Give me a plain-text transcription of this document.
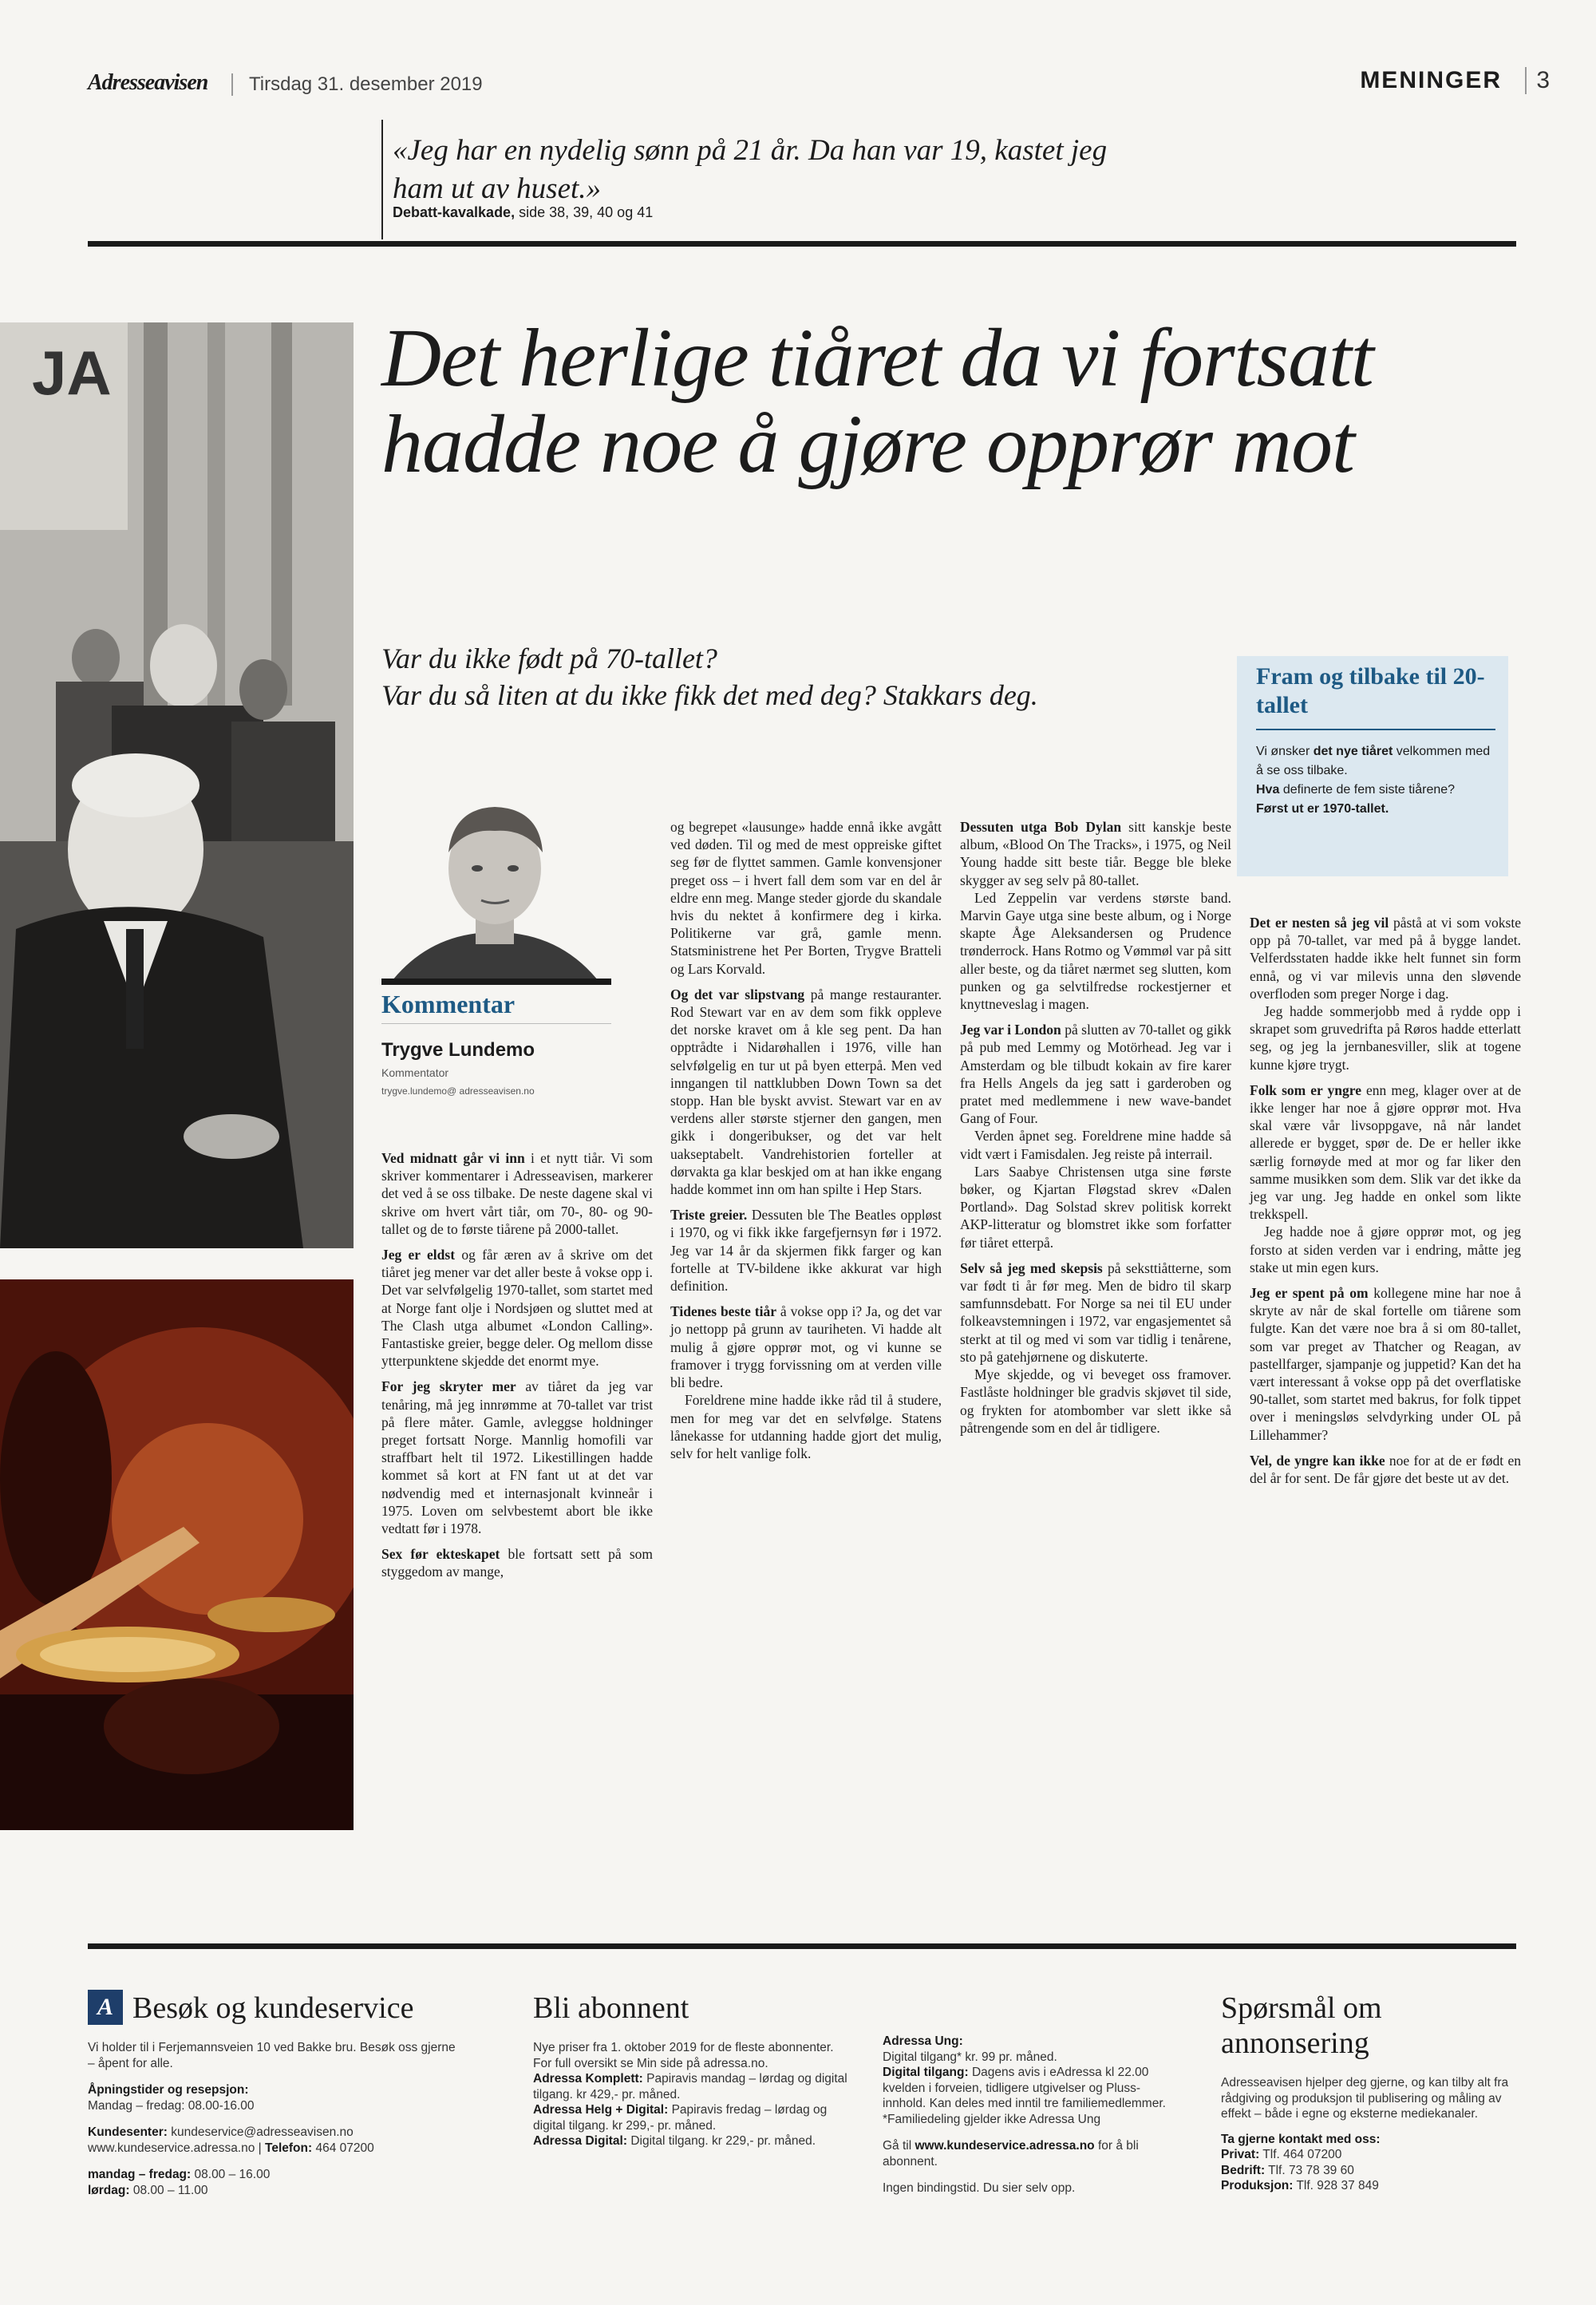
Adresseavisen	Tirsdag 31. desember 2019	MENINGER	3
«Jeg har en nydelig sønn på 21 år. Da han var 19, kastet jeg ham ut av huset.»
Debatt-kavalkade, side 38, 39, 40 og 41
JA	Det herlige tiåret da vi fortsatt hadde noe å gjøre opprør mot
Var du ikke født på 70-tallet?
Var du så liten at du ikke fikk det med deg? Stakkars deg.
Fram og tilbake til 20-tallet
Vi ønsker det nye tiåret velkommen med å se oss tilbake.
Hva definerte de fem siste tiårene?
Først ut er 1970-tallet.
Kommentar
Trygve Lundemo
Kommentator
trygve.lundemo@ adresseavisen.no

Ved midnatt går vi inn i et nytt tiår. Vi som skriver kommentarer i Adresseavisen, markerer det ved å se oss tilbake. De neste dagene skal vi skrive om hvert vårt tiår, om 70-, 80- og 90-tallet og de to første tiårene på 2000-tallet.

Jeg er eldst og får æren av å skrive om det tiåret jeg mener var det aller beste å vokse opp i. Det var selvfølgelig 1970-tallet, som startet med at Norge fant olje i Nordsjøen og sluttet med at The Clash utga albumet «London Calling». Fantastiske greier, begge deler. Og mellom disse ytterpunktene skjedde det enormt mye.

For jeg skryter mer av tiåret da jeg var tenåring, må jeg innrømme at 70-tallet var trist på flere måter. Gamle, avleggse holdninger preget fortsatt Norge. Mannlig homofili var straffbart helt til 1972. Likestillingen hadde kommet så kort at FN fant ut at det var nødvendig med et internasjonalt kvinneår i 1975. Loven om selvbestemt abort ble ikke vedtatt før i 1978.

Sex før ekteskapet ble fortsatt sett på som styggedom av mange,

og begrepet «lausunge» hadde ennå ikke avgått ved døden. Til og med de mest oppreiske giftet seg før de flyttet sammen. Gamle konvensjoner preget oss – i hvert fall dem som var en del år eldre enn meg. Mange steder gjorde du skandale hvis du nektet å konfirmere deg i kirka. Politikerne var grå, gamle menn. Statsministrene het Per Borten, Trygve Bratteli og Lars Korvald.

Og det var slipstvang på mange restauranter. Rod Stewart var en av dem som fikk oppleve det norske kravet om å kle seg pent. Da han opptrådte i Nidarøhallen i 1976, ville han selvfølgelig en tur ut på byen etterpå. Men ved inngangen til nattklubben Down Town sa det stopp. Han ble byskt avvist. Stewart var en av verdens aller største stjerner den gangen, men gikk i dongeribukser, og det var helt uakseptabelt. Vandrehistorien forteller at dørvakta ga klar beskjed om at han ikke engang hadde kommet inn om han spilte i Hep Stars.

Triste greier. Dessuten ble The Beatles oppløst i 1970, og vi fikk ikke fargefjernsyn før i 1972. Jeg var 14 år da skjermen fikk farger og kan fortelle at TV-bildene ikke akkurat var high definition.

Tidenes beste tiår å vokse opp i? Ja, og det var jo nettopp på grunn av tauriheten. Vi hadde alt mulig å gjøre opprør mot, og vi kunne se framover i trygg forvissning om at verden ville bli bedre.

Foreldrene mine hadde ikke råd til å studere, men for meg var det en selvfølge. Statens lånekasse for utdanning hadde gjort det mulig, selv for helt vanlige folk.

Dessuten utga Bob Dylan sitt kanskje beste album, «Blood On The Tracks», i 1975, og Neil Young hadde sitt beste tiår. Begge ble bleke skygger av seg selv på 80-tallet.

Led Zeppelin var verdens største band. Marvin Gaye utga sine beste album, og i Norge skapte Åge Aleksandersen og Prudence trønderrock. Hans Rotmo og Vømmøl var på sitt aller beste, og da tiåret nærmet seg slutten, kom punken og ga selvtilfredse rockestjerner et knyttneveslag i magen.

Jeg var i London på slutten av 70-tallet og gikk på pub med Lemmy og Motörhead. Jeg var i Amsterdam og ble tilbudt kokain av fire karer fra Hells Angels da jeg satt i garderoben og pratet med medlemmene i new wave-bandet Gang of Four.

Verden åpnet seg. Foreldrene mine hadde så vidt vært i Famisdalen. Jeg reiste på interrail.

Lars Saabye Christensen utga sine første bøker, og Kjartan Fløgstad skrev «Dalen Portland». Dag Solstad skrev politisk korrekt AKP-litteratur og blomstret ikke som forfatter før tiåret etterpå.

Selv så jeg med skepsis på seksttiåtterne, som var født ti år før meg. Men de bidro til skarp samfunnsdebatt. For Norge sa nei til EU under folkeavstemningen i 1972, var engasjementet så sterkt at til og med vi som var tidlig i tenårene, sto på gatehjørnene og diskuterte.

Mye skjedde, og vi beveget oss framover. Fastlåste holdninger ble gradvis skjøvet til side, og frykten for atombomber var slett ikke så påtrengende som en del år tidligere.

Det er nesten så jeg vil påstå at vi som vokste opp på 70-tallet, var med på å bygge landet. Velferdsstaten hadde ikke helt funnet sin form ennå, og vi var milevis unna den sløvende overfloden som preger Norge i dag.

Jeg hadde sommerjobb med å rydde opp i skrapet som gruvedrifta på Røros hadde etterlatt seg, og jeg la jernbanesviller, slik at togene kunne kjøre trygt.

Folk som er yngre enn meg, klager over at de ikke lenger har noe å gjøre opprør mot. Hva skal være vår livsoppgave, nå når landet allerede er bygget, spør de. De er heller ikke særlig fornøyde med at mor og far liker den samme musikken som dem. Slik var det ikke da jeg var ung. Jeg hadde en onkel som likte trekkspell.

Jeg hadde noe å gjøre opprør mot, og jeg forsto at siden verden var i endring, måtte jeg stake ut min egen kurs.

Jeg er spent på om kollegene mine har noe å skryte av når de skal fortelle om tiårene som fulgte. Kan det være noe bra å si om 80-tallet, som var preget av Thatcher og Reagan, av pastellfarger, sjampanje og juppetid? Kan det ha vært interessant å vokse opp på det overflatiske 90-tallet, som startet med bakrus, for folk tippet over i meningsløs selvdyrking under OL på Lillehammer?

Vel, de yngre kan ikke noe for at de er født en del år for sent. De får gjøre det beste ut av det.

A Besøk og kundeservice
Vi holder til i Ferjemannsveien 10 ved Bakke bru. Besøk oss gjerne – åpent for alle.
Åpningstider og resepsjon:
Mandag – fredag: 08.00-16.00
Kundesenter: kundeservice@adresseavisen.no
www.kundeservice.adressa.no | Telefon: 464 07200
mandag – fredag: 08.00 – 16.00
lørdag: 08.00 – 11.00
Bli abonnent
Nye priser fra 1. oktober 2019 for de fleste abonnenter. For full oversikt se Min side på adressa.no.
Adressa Komplett: Papiravis mandag – lørdag og digital tilgang. kr 429,- pr. måned.
Adressa Helg + Digital: Papiravis fredag – lørdag og digital tilgang. kr 299,- pr. måned.
Adressa Digital: Digital tilgang. kr 229,- pr. måned.
Adressa Ung:
Digital tilgang* kr. 99 pr. måned.
Digital tilgang: Dagens avis i eAdressa kl 22.00 kvelden i forveien, tidligere utgivelser og Pluss-innhold. Kan deles med inntil tre familiemedlemmer.
*Familiedeling gjelder ikke Adressa Ung
Gå til www.kundeservice.adressa.no for å bli abonnent.
Ingen bindingstid. Du sier selv opp.
Spørsmål om annonsering
Adresseavisen hjelper deg gjerne, og kan tilby alt fra rådgiving og produksjon til publisering og måling av effekt – både i egne og eksterne mediekanaler.
Ta gjerne kontakt med oss:
Privat: Tlf. 464 07200
Bedrift: Tlf. 73 78 39 60
Produksjon: Tlf. 928 37 849
